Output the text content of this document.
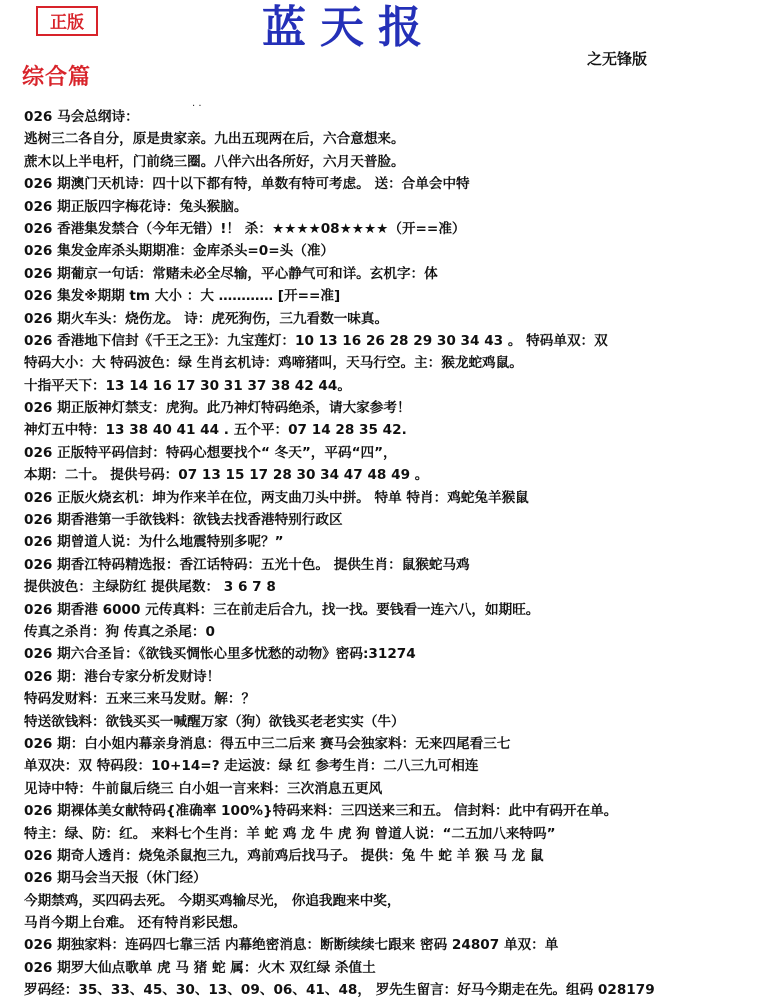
正版	蓝天报
之无锋版
综合篇
. .
026 马会总纲诗：
逃树三二各自分，原是贵家亲。九出五现两在后，六合意想来。
蔗木以上半电杆，门前绕三圈。八伴六出各所好，六月天普脸。
026 期澳门天机诗：四十以下都有特，单数有特可考虑。 送：合单会中特
026 期正版四字梅花诗：兔头猴脑。
026 香港集发禁合（今年无错）!！ 杀：★★★★08★★★★（开==准）
026 集发金库杀头期期准：金库杀头=0=头（准）
026 期葡京一句话：常赌未必全尽输，平心静气可和详。玄机字：体
026 集发※期期 tm 大小 ：大 ………… [开==准]
026 期火车头：烧伤龙。 诗：虎死狗伤，三九看数一味真。
026 香港地下信封《千王之王》：九宝莲灯：10 13 16 26 28 29 30 34 43 。 特码单双：双
特码大小：大 特码波色：绿 生肖玄机诗：鸡啼猪叫，天马行空。主：猴龙蛇鸡鼠。
十指平天下：13 14 16 17 30 31 37 38 42 44。
026 期正版神灯禁支：虎狗。此乃神灯特码绝杀，请大家参考！
神灯五中特：13 38 40 41 44 . 五个平：07 14 28 35 42.
026 正版特平码信封：特码心想要找个“ 冬天”，平码“四”，
本期：二十。 提供号码：07 13 15 17 28 30 34 47 48 49 。
026 正版火烧玄机：坤为作来羊在位，两支曲刀头中拼。 特单 特肖：鸡蛇兔羊猴鼠
026 期香港第一手欲钱料：欲钱去找香港特别行政区
026 期曾道人说：为什么地震特别多呢？”
026 期香江特码精选报：香江话特码：五光十色。 提供生肖：鼠猴蛇马鸡
提供波色：主绿防红 提供尾数： 3 6 7 8
026 期香港 6000 元传真料：三在前走后合九，找一找。要钱看一连六八，如期旺。
传真之杀肖：狗 传真之杀尾：0
026 期六合圣旨：《欲钱买惆怅心里多忧愁的动物》密码:31274
026 期：港台专家分析发财诗！
特码发财料：五来三来马发财。解：？
特送欲钱料：欲钱买买一喊醒万家（狗）欲钱买老老实实（牛）
026 期：白小姐内幕亲身消息：得五中三二后来 赛马会独家料：无来四尾看三七
单双决：双 特码段：10+14=? 走运波：绿 红 参考生肖：二八三九可相连
见诗中特：牛前鼠后绕三 白小姐一言来料：三次消息五更风
026 期裸体美女献特码{准确率 100%}特码来料：三四送来三和五。 信封料：此中有码开在单。
特主：绿、防：红。 来料七个生肖：羊 蛇 鸡 龙 牛 虎 狗 曾道人说：“二五加八来特吗”
026 期奇人透肖：烧兔杀鼠抱三九，鸡前鸡后找马子。 提供：兔 牛 蛇 羊 猴 马 龙 鼠
026 期马会当天报（休门经）
今期禁鸡，买四码去死。 今期买鸡输尽光， 你追我跑来中奖，
马肖今期上台难。 还有特肖彩民想。
026 期独家料：连码四七靠三活 内幕绝密消息：断断续续七跟来 密码 24807 单双：单
026 期罗大仙点歌单 虎 马 猪 蛇 属：火木 双红绿 杀值土
罗码经：35、33、45、30、13、09、06、41、48， 罗先生留言：好马今期走在先。组码 028179
